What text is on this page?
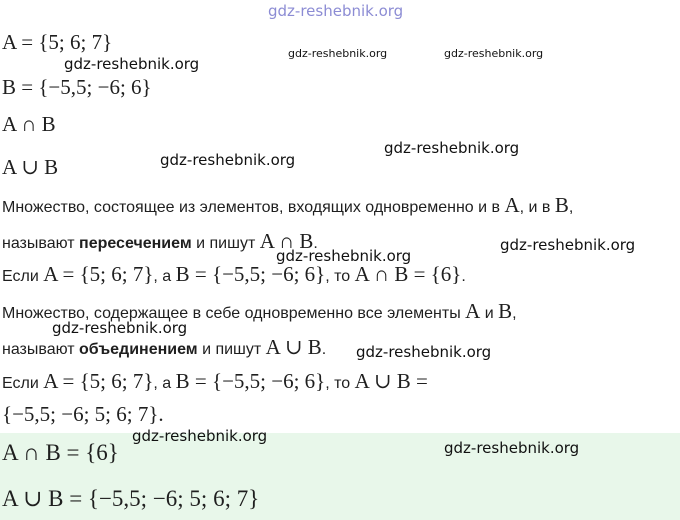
gdz-reshebnik.org
gdz-reshebnik.org	gdz-reshebnik.org
gdz-reshebnik.org
gdz-reshebnik.org
gdz-reshebnik.org
gdz-reshebnik.org
gdz-reshebnik.org
gdz-reshebnik.org
gdz-reshebnik.org
gdz-reshebnik.org
gdz-reshebnik.org
A = {5; 6; 7}
B = {−5,5; −6; 6}
A ∩ B
A ∪ B
Множество, состоящее из элементов, входящих одновременно и в A, и в B,
называют пересечением и пишут A ∩ B.
Если A = {5; 6; 7}, а B = {−5,5; −6; 6}, то A ∩ B = {6}.
Множество, содержащее в себе одновременно все элементы A и B,
называют объединением и пишут A ∪ B.
Если A = {5; 6; 7}, а B = {−5,5; −6; 6}, то A ∪ B =
{−5,5; −6; 5; 6; 7}.
A ∩ B = {6}
A ∪ B = {−5,5; −6; 5; 6; 7}
